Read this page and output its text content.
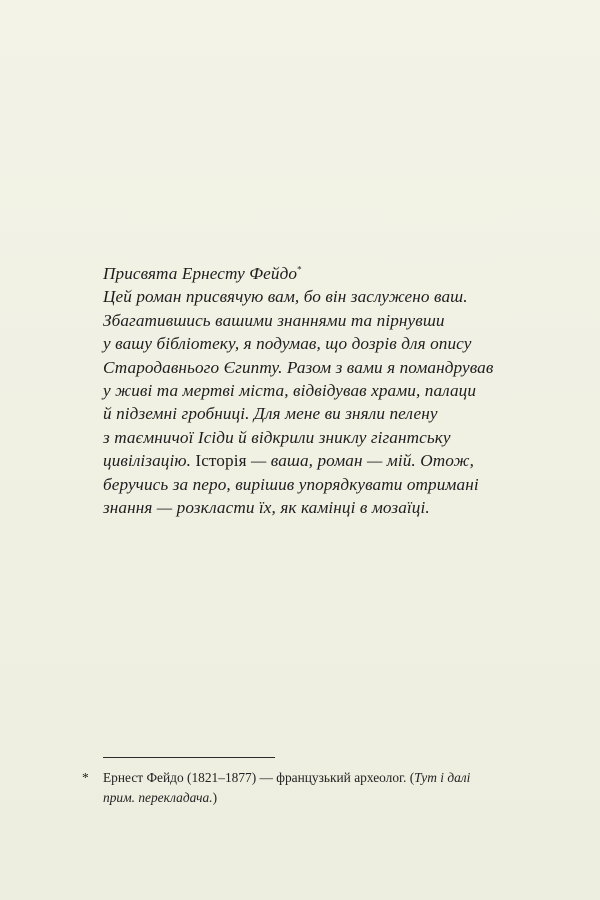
Присвята Ернесту Фейдо*
Цей роман присвячую вам, бо він заслужено ваш.
Збагатившись вашими знаннями та пірнувши
у вашу бібліотеку, я подумав, що дозрів для опису
Стародавнього Єгипту. Разом з вами я помандрував
у живі та мертві міста, відвідував храми, палаци
й підземні гробниці. Для мене ви зняли пелену
з таємничої Ісіди й відкрили зниклу гігантську
цивілізацію. Історія — ваша, роман — мій. Отож,
беручись за перо, вирішив упорядкувати отримані
знання — розкласти їх, як камінці в мозаїці.
* Ернест Фейдо (1821–1877) — французький археолог. (Тут і далі
прим. перекладача.)
